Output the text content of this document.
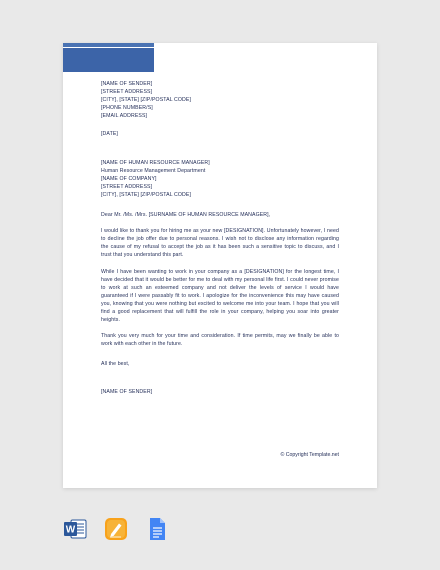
[NAME OF SENDER]
[STREET ADDRESS]
[CITY], [STATE] [ZIP/POSTAL CODE]
[PHONE NUMBER/S]
[EMAIL ADDRESS]
[DATE]
[NAME OF HUMAN RESOURCE MANAGER]
Human Resource Management Department
[NAME OF COMPANY]
[STREET ADDRESS]
[CITY], [STATE] [ZIP/POSTAL CODE]
Dear Mr. /Ms. /Mrs. [SURNAME OF HUMAN RESOURCE MANAGER],

I would like to thank you for hiring me as your new [DESIGNATION]. Unfortunately however, I need to decline the job offer due to personal reasons. I wish not to disclose any information regarding the cause of my refusal to accept the job as it has been such a sensitive topic to discuss, and I trust that you understand this part.

While I have been wanting to work in your company as a [DESIGNATION] for the longest time, I have decided that it would be better for me to deal with my personal life first. I could never promise to work at such an esteemed company and not deliver the levels of service I would have guaranteed if I were passably fit to work. I apologize for the inconvenience this may have caused you, knowing that you were nothing but excited to welcome me into your team. I hope that you will find a good replacement that will fulfill the role in your company, helping you soar into greater heights.

Thank you very much for your time and consideration. If time permits, may we finally be able to work with each other in the future.

All the best,
[NAME OF SENDER]
© Copyright Template.net
W
